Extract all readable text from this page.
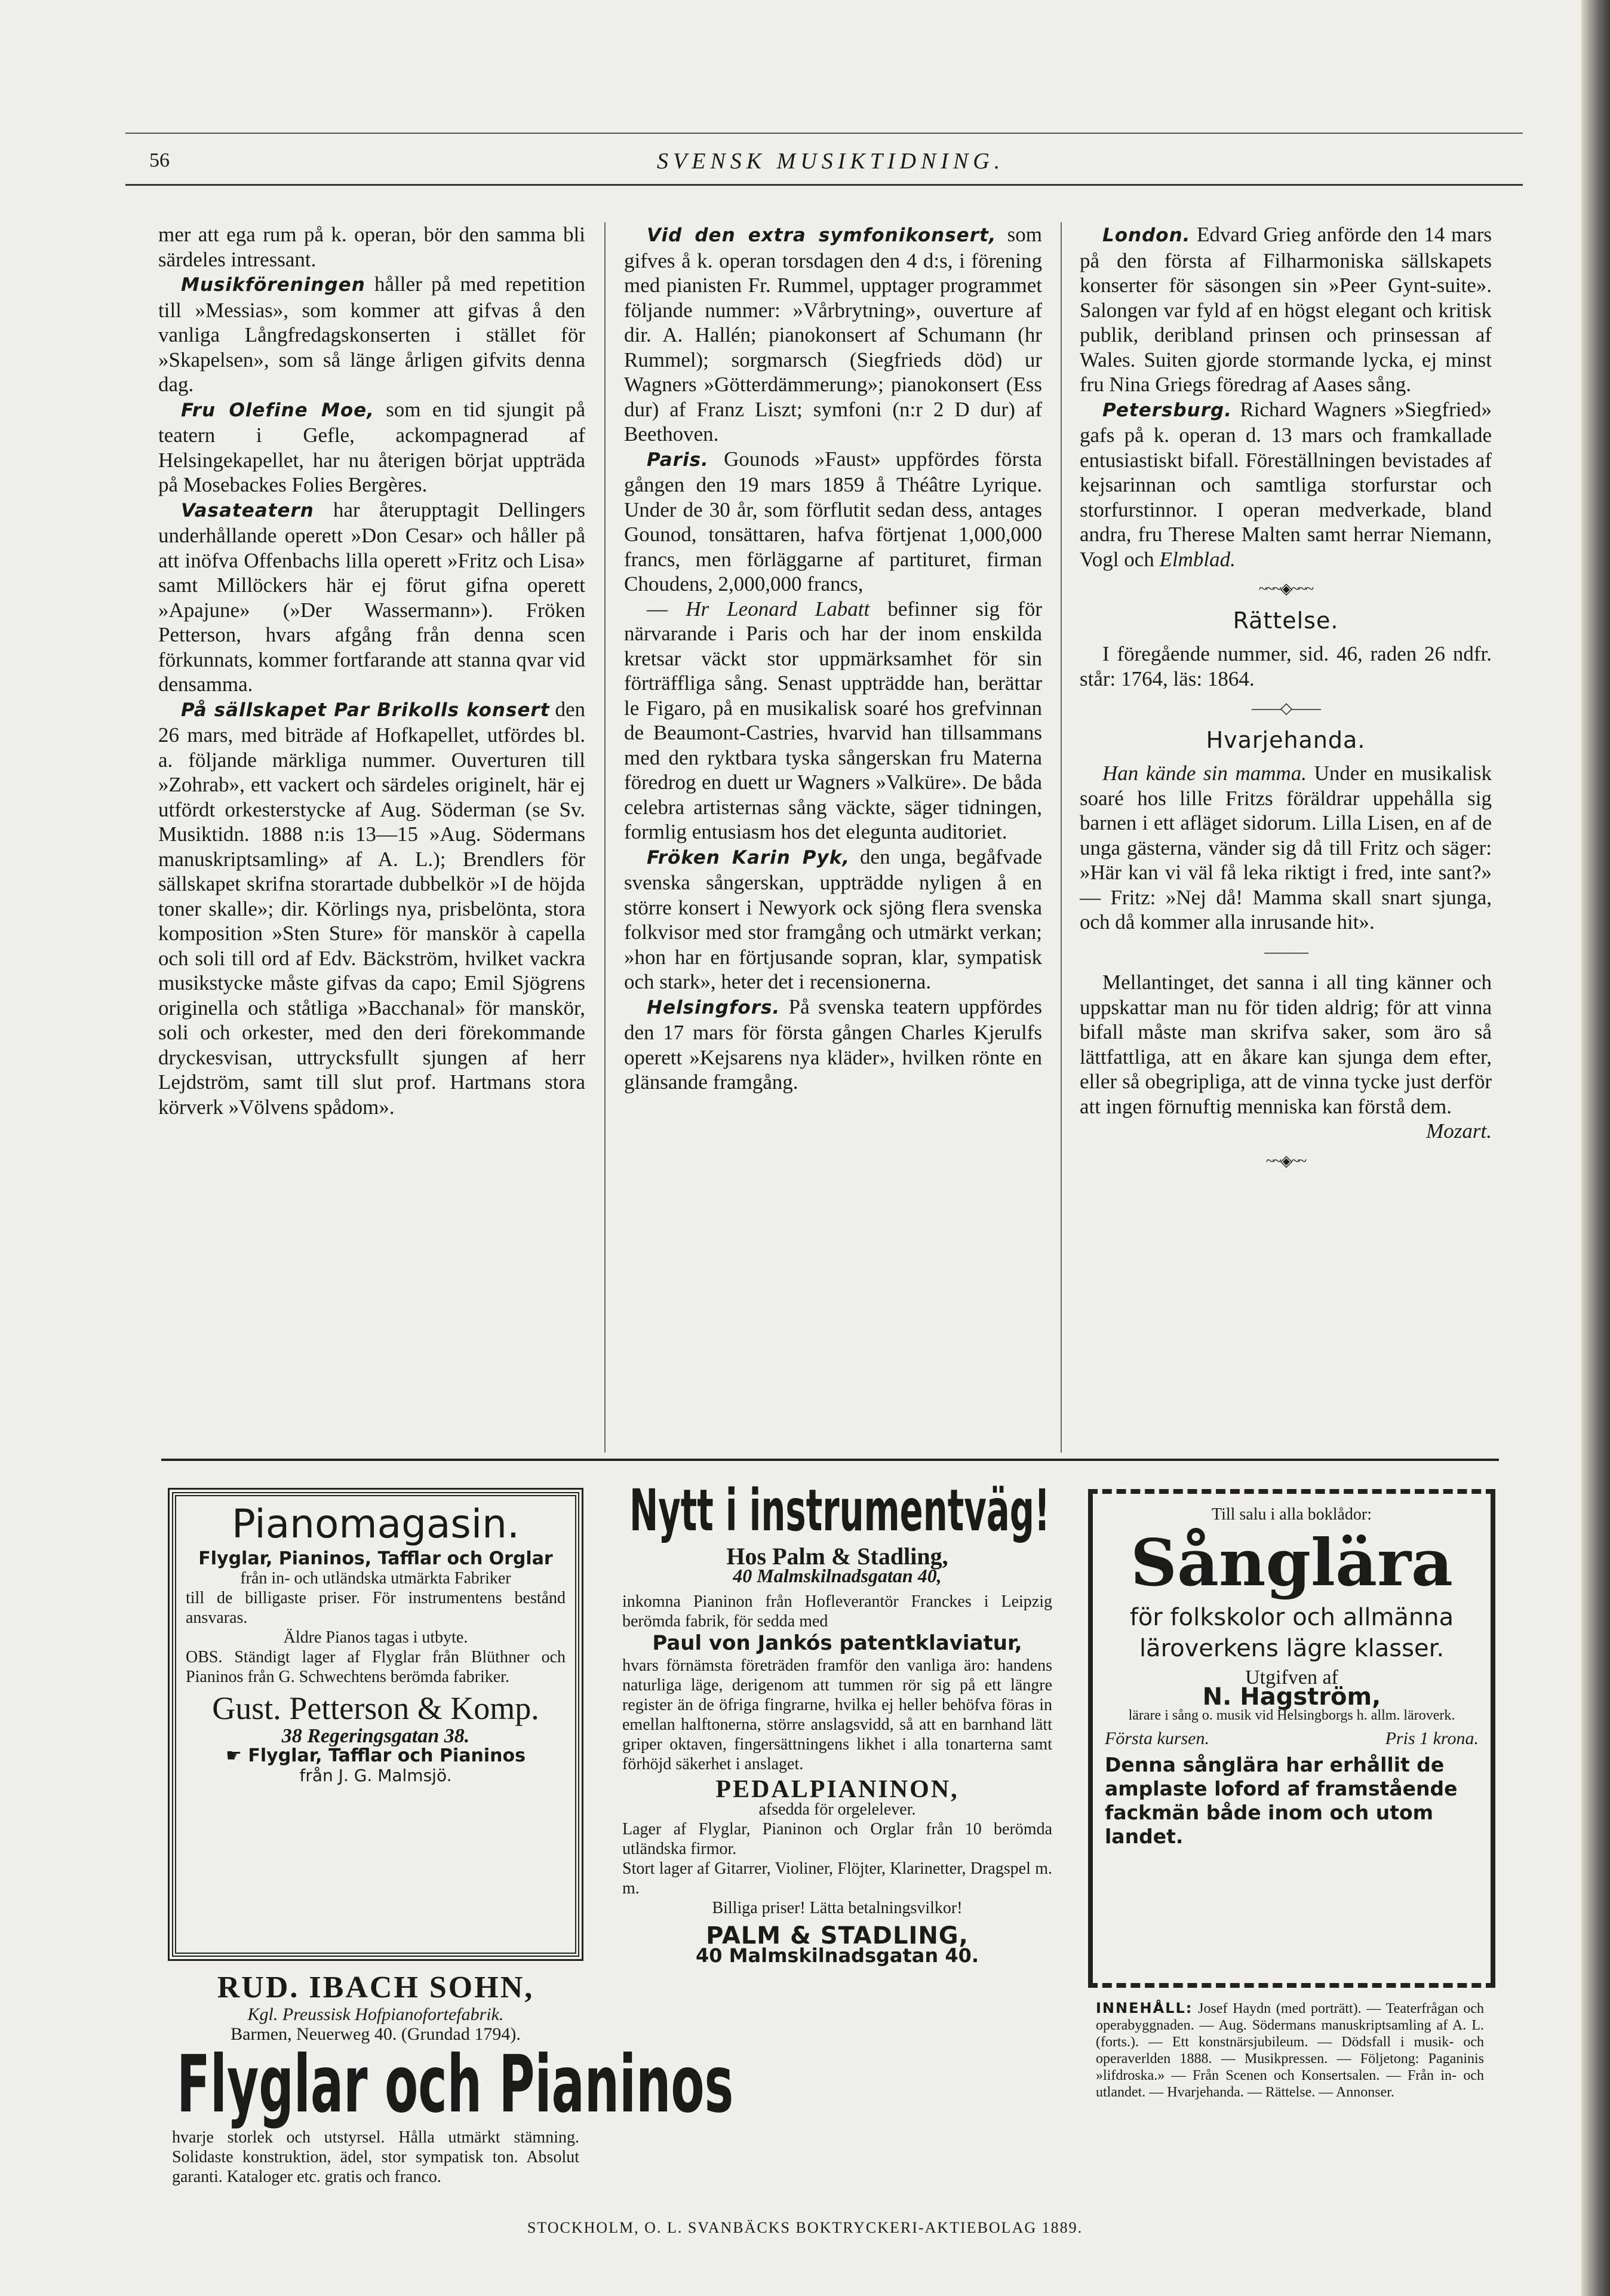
56	SVENSK MUSIKTIDNING.

mer att ega rum på k. operan, bör den samma bli särdeles intressant.

Musikföreningen håller på med repetition till »Messias», som kommer att gifvas å den vanliga Långfredagskonserten i stället för »Skapelsen», som så länge årligen gifvits denna dag.

Fru Olefine Moe, som en tid sjungit på teatern i Gefle, ackompagnerad af Helsingekapellet, har nu återigen börjat uppträda på Mosebackes Folies Bergères.

Vasateatern har återupptagit Dellingers underhållande operett »Don Cesar» och håller på att inöfva Offenbachs lilla operett »Fritz och Lisa» samt Millöckers här ej förut gifna operett »Apajune» (»Der Wassermann»). Fröken Petterson, hvars afgång från denna scen förkunnats, kommer fortfarande att stanna qvar vid densamma.

På sällskapet Par Brikolls konsert den 26 mars, med biträde af Hofkapellet, utfördes bl. a. följande märkliga nummer. Ouverturen till »Zohrab», ett vackert och särdeles originelt, här ej utfördt orkesterstycke af Aug. Söderman (se Sv. Musiktidn. 1888 n:is 13—15 »Aug. Södermans manuskriptsamling» af A. L.); Brendlers för sällskapet skrifna storartade dubbelkör »I de höjda toner skalle»; dir. Körlings nya, prisbelönta, stora komposition »Sten Sture» för manskör à capella och soli till ord af Edv. Bäckström, hvilket vackra musikstycke måste gifvas da capo; Emil Sjögrens originella och ståtliga »Bacchanal» för manskör, soli och orkester, med den deri förekommande dryckesvisan, uttrycksfullt sjungen af herr Lejdström, samt till slut prof. Hartmans stora körverk »Völvens spådom».

Vid den extra symfonikonsert, som gifves å k. operan torsdagen den 4 d:s, i förening med pianisten Fr. Rummel, upptager programmet följande nummer: »Vårbrytning», ouverture af dir. A. Hallén; pianokonsert af Schumann (hr Rummel); sorgmarsch (Siegfrieds död) ur Wagners »Götterdämmerung»; pianokonsert (Ess dur) af Franz Liszt; symfoni (n:r 2 D dur) af Beethoven.

Paris. Gounods »Faust» uppfördes första gången den 19 mars 1859 å Théâtre Lyrique. Under de 30 år, som förflutit sedan dess, antages Gounod, tonsättaren, hafva förtjenat 1,000,000 francs, men förläggarne af partituret, firman Choudens, 2,000,000 francs,

— Hr Leonard Labatt befinner sig för närvarande i Paris och har der inom enskilda kretsar väckt stor uppmärksamhet för sin förträffliga sång. Senast uppträdde han, berättar le Figaro, på en musikalisk soaré hos grefvinnan de Beaumont-Castries, hvarvid han tillsammans med den ryktbara tyska sångerskan fru Materna föredrog en duett ur Wagners »Valküre». De båda celebra artisternas sång väckte, säger tidningen, formlig entusiasm hos det elegunta auditoriet.

Fröken Karin Pyk, den unga, begåfvade svenska sångerskan, uppträdde nyligen å en större konsert i Newyork ock sjöng flera svenska folkvisor med stor framgång och utmärkt verkan; »hon har en förtjusande sopran, klar, sympatisk och stark», heter det i recensionerna.

Helsingfors. På svenska teatern uppfördes den 17 mars för första gången Charles Kjerulfs operett »Kejsarens nya kläder», hvilken rönte en glänsande framgång.

London. Edvard Grieg anförde den 14 mars på den första af Filharmoniska sällskapets konserter för säsongen sin »Peer Gynt-suite». Salongen var fyld af en högst elegant och kritisk publik, deribland prinsen och prinsessan af Wales. Suiten gjorde stormande lycka, ej minst fru Nina Griegs föredrag af Aases sång.

Petersburg. Richard Wagners »Siegfried» gafs på k. operan d. 13 mars och framkallade entusiastiskt bifall. Föreställningen bevistades af kejsarinnan och samtliga storfurstar och storfurstinnor. I operan medverkade, bland andra, fru Therese Malten samt herrar Niemann, Vogl och Elmblad.

~~~◈~~~
Rättelse.

I föregående nummer, sid. 46, raden 26 ndfr. står: 1764, läs: 1864.

——◇——
Hvarjehanda.

Han kände sin mamma. Under en musikalisk soaré hos lille Fritzs föräldrar uppehålla sig barnen i ett afläget sidorum. Lilla Lisen, en af de unga gästerna, vänder sig då till Fritz och säger: »Här kan vi väl få leka riktigt i fred, inte sant?» — Fritz: »Nej då! Mamma skall snart sjunga, och då kommer alla inrusande hit».

———

Mellantinget, det sanna i all ting känner och uppskattar man nu för tiden aldrig; för att vinna bifall måste man skrifva saker, som äro så lättfattliga, att en åkare kan sjunga dem efter, eller så obegripliga, att de vinna tycke just derför att ingen förnuftig menniska kan förstå dem.

Mozart.
~~◈~~
Pianomagasin.
Flyglar, Pianinos, Tafflar och Orglar
från in- och utländska utmärkta Fabriker
till de billigaste priser. För instrumentens bestånd ansvaras.
Äldre Pianos tagas i utbyte.
OBS. Ständigt lager af Flyglar från Blüthner och Pianinos från G. Schwechtens berömda fabriker.
Gust. Petterson & Komp.
38 Regeringsgatan 38.
☛ Flyglar, Tafflar och Pianinos
från J. G. Malmsjö.
RUD. IBACH SOHN,
Kgl. Preussisk Hofpianofortefabrik.
Barmen, Neuerweg 40. (Grundad 1794).
Flyglar och Pianinos
hvarje storlek och utstyrsel. Hålla utmärkt stämning. Solidaste konstruktion, ädel, stor sympatisk ton. Absolut garanti. Kataloger etc. gratis och franco.
Nytt i instrumentväg!
Hos Palm & Stadling,
40 Malmskilnadsgatan 40,
inkomna Pianinon från Hofleverantör Franckes i Leipzig berömda fabrik, för sedda med
Paul von Jankós patentklaviatur,
hvars förnämsta företräden framför den vanliga äro: handens naturliga läge, derigenom att tummen rör sig på ett längre register än de öfriga fingrarne, hvilka ej heller behöfva föras in emellan halftonerna, större anslagsvidd, så att en barnhand lätt griper oktaven, fingersättningens likhet i alla tonarterna samt förhöjd säkerhet i anslaget.
PEDALPIANINON,
afsedda för orgelelever.
Lager af Flyglar, Pianinon och Orglar från 10 berömda utländska firmor.
Stort lager af Gitarrer, Violiner, Flöjter, Klarinetter, Dragspel m. m.
Billiga priser! Lätta betalningsvilkor!
PALM & STADLING,
40 Malmskilnadsgatan 40.
Till salu i alla boklådor:
Sånglära
för folkskolor och allmänna
läroverkens lägre klasser.
Utgifven af
N. Hagström,
lärare i sång o. musik vid Helsingborgs h. allm. läroverk.
Första kursen.	Pris 1 krona.
Denna sånglära har erhållit de amplaste loford af framstående fackmän både inom och utom landet.
INNEHÅLL: Josef Haydn (med porträtt). — Teaterfrågan och operabyggnaden. — Aug. Södermans manuskriptsamling af A. L. (forts.). — Ett konstnärsjubileum. — Dödsfall i musik- och operaverlden 1888. — Musikpressen. — Följetong: Paganinis »lifdroska.» — Från Scenen och Konsertsalen. — Från in- och utlandet. — Hvarjehanda. — Rättelse. — Annonser.
STOCKHOLM, O. L. SVANBÄCKS BOKTRYCKERI-AKTIEBOLAG 1889.
